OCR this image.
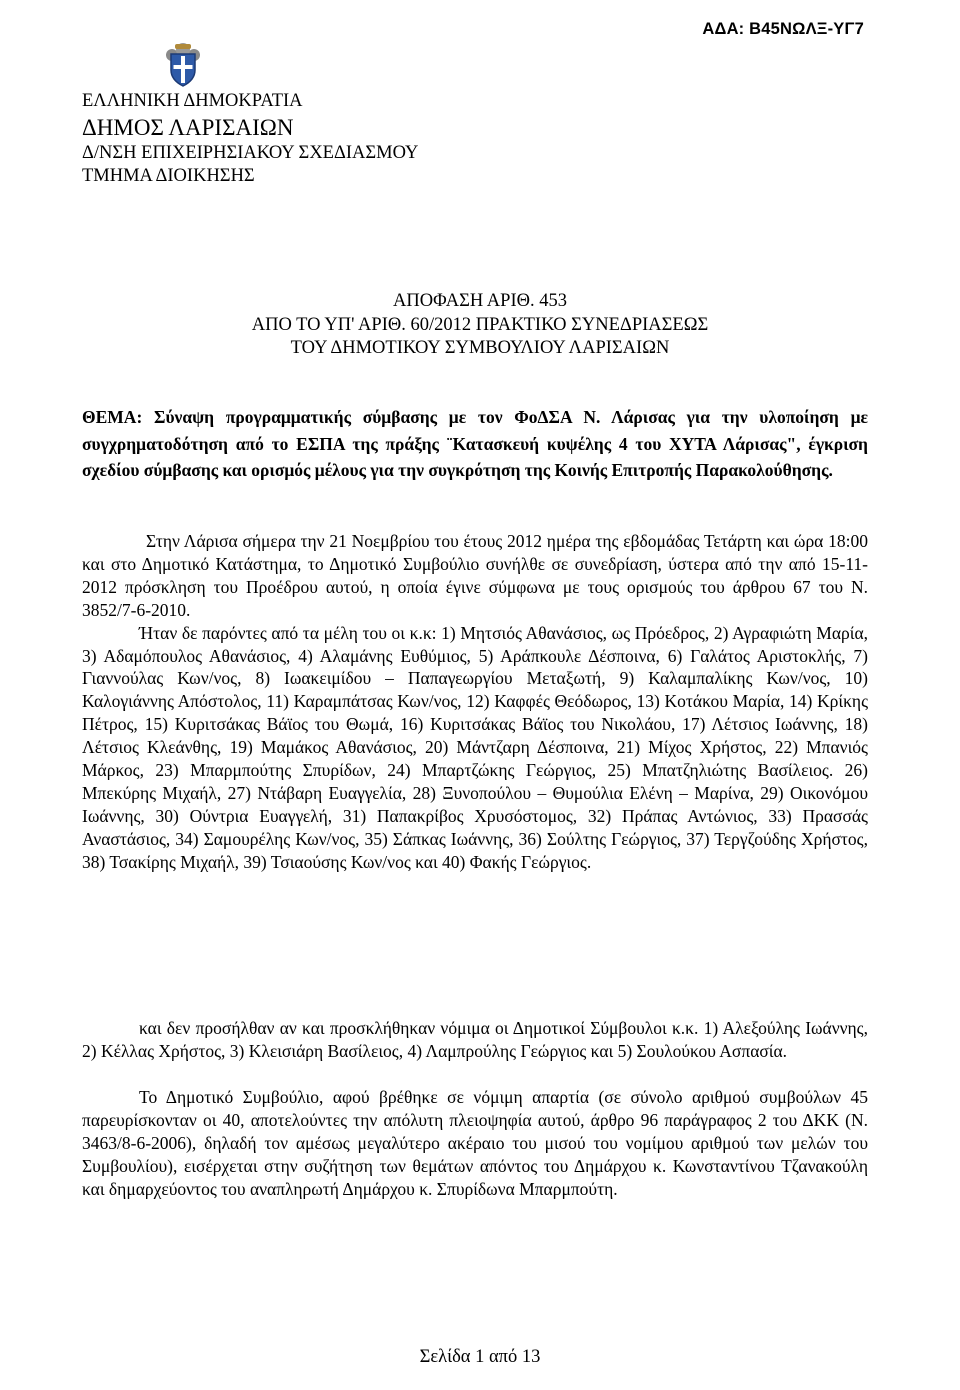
ΑΔΑ: Β45ΝΩΛΞ-ΥΓ7
ΕΛΛΗΝΙΚΗ ΔΗΜΟΚΡΑΤΙΑ
ΔΗΜΟΣ ΛΑΡΙΣΑΙΩΝ
Δ/ΝΣΗ ΕΠΙΧΕΙΡΗΣΙΑΚΟΥ ΣΧΕΔΙΑΣΜΟΥ
ΤΜΗΜΑ ΔΙΟΙΚΗΣΗΣ
ΑΠΟΦΑΣΗ ΑΡΙΘ. 453
ΑΠΟ ΤΟ ΥΠ' ΑΡΙΘ. 60/2012 ΠΡΑΚΤΙΚΟ ΣΥΝΕΔΡΙΑΣΕΩΣ
ΤΟΥ ΔΗΜΟΤΙΚΟΥ ΣΥΜΒΟΥΛΙΟΥ ΛΑΡΙΣΑΙΩΝ

ΘΕΜΑ: Σύναψη προγραμματικής σύμβασης με τον ΦοΔΣΑ Ν. Λάρισας για την υλοποίηση με συγχρηματοδότηση από το ΕΣΠΑ της πράξης ¨Κατασκευή κυψέλης 4 του ΧΥΤΑ Λάρισας", έγκριση σχεδίου σύμβασης και ορισμός μέλους για την συγκρότηση της Κοινής Επιτροπής Παρακολούθησης.

Στην Λάρισα σήμερα την 21 Νοεμβρίου του έτους 2012 ημέρα της εβδομάδας Τετάρτη και ώρα 18:00 και στο Δημοτικό Κατάστημα, το Δημοτικό Συμβούλιο συνήλθε σε συνεδρίαση, ύστερα από την από 15-11-2012 πρόσκληση του Προέδρου αυτού, η οποία έγινε σύμφωνα με τους ορισμούς του άρθρου 67 του Ν. 3852/7-6-2010.

Ήταν δε παρόντες από τα μέλη του οι κ.κ: 1) Μητσιός Αθανάσιος, ως Πρόεδρος, 2) Αγραφιώτη Μαρία, 3) Αδαμόπουλος Αθανάσιος, 4) Αλαμάνης Ευθύμιος, 5) Αράπκουλε Δέσποινα, 6) Γαλάτος Αριστοκλής, 7) Γιαννούλας Κων/νος, 8) Ιωακειμίδου – Παπαγεωργίου Μεταξωτή, 9) Καλαμπαλίκης Κων/νος, 10) Καλογιάννης Απόστολος, 11) Καραμπάτσας Κων/νος, 12) Καφφές Θεόδωρος, 13) Κοτάκου Μαρία, 14) Κρίκης Πέτρος, 15) Κυριτσάκας Βάϊος του Θωμά, 16) Κυριτσάκας Βάϊος του Νικολάου, 17) Λέτσιος Ιωάννης, 18) Λέτσιος Κλεάνθης, 19) Μαμάκος Αθανάσιος, 20) Μάντζαρη Δέσποινα, 21) Μίχος Χρήστος, 22) Μπανιός Μάρκος, 23) Μπαρμπούτης Σπυρίδων, 24) Μπαρτζώκης Γεώργιος, 25) Μπατζηλιώτης Βασίλειος. 26) Μπεκύρης Μιχαήλ, 27) Ντάβαρη Ευαγγελία, 28) Ξυνοπούλου – Θυμούλια Ελένη – Μαρίνα, 29) Οικονόμου Ιωάννης, 30) Ούντρια Ευαγγελή, 31) Παπακρίβος Χρυσόστομος, 32) Πράπας Αντώνιος, 33) Πρασσάς Αναστάσιος, 34) Σαμουρέλης Κων/νος, 35) Σάπκας Ιωάννης, 36) Σούλτης Γεώργιος, 37) Τεργζούδης Χρήστος, 38) Τσακίρης Μιχαήλ, 39) Τσιαούσης Κων/νος και 40) Φακής Γεώργιος.

και δεν προσήλθαν αν και προσκλήθηκαν νόμιμα οι Δημοτικοί Σύμβουλοι κ.κ. 1) Αλεξούλης Ιωάννης, 2) Κέλλας Χρήστος, 3) Κλεισιάρη Βασίλειος, 4) Λαμπρούλης Γεώργιος και 5) Σουλούκου Ασπασία.

Το Δημοτικό Συμβούλιο, αφού βρέθηκε σε νόμιμη απαρτία (σε σύνολο αριθμού συμβούλων 45 παρευρίσκονταν οι 40, αποτελούντες την απόλυτη πλειοψηφία αυτού, άρθρο 96 παράγραφος 2 του ΔΚΚ (Ν. 3463/8-6-2006), δηλαδή τον αμέσως μεγαλύτερο ακέραιο του μισού του νομίμου αριθμού των μελών του Συμβουλίου), εισέρχεται στην συζήτηση των θεμάτων απόντος του Δημάρχου κ. Κωνσταντίνου Τζανακούλη και δημαρχεύοντος του αναπληρωτή Δημάρχου κ. Σπυρίδωνα Μπαρμπούτη.

Σελίδα 1 από 13
